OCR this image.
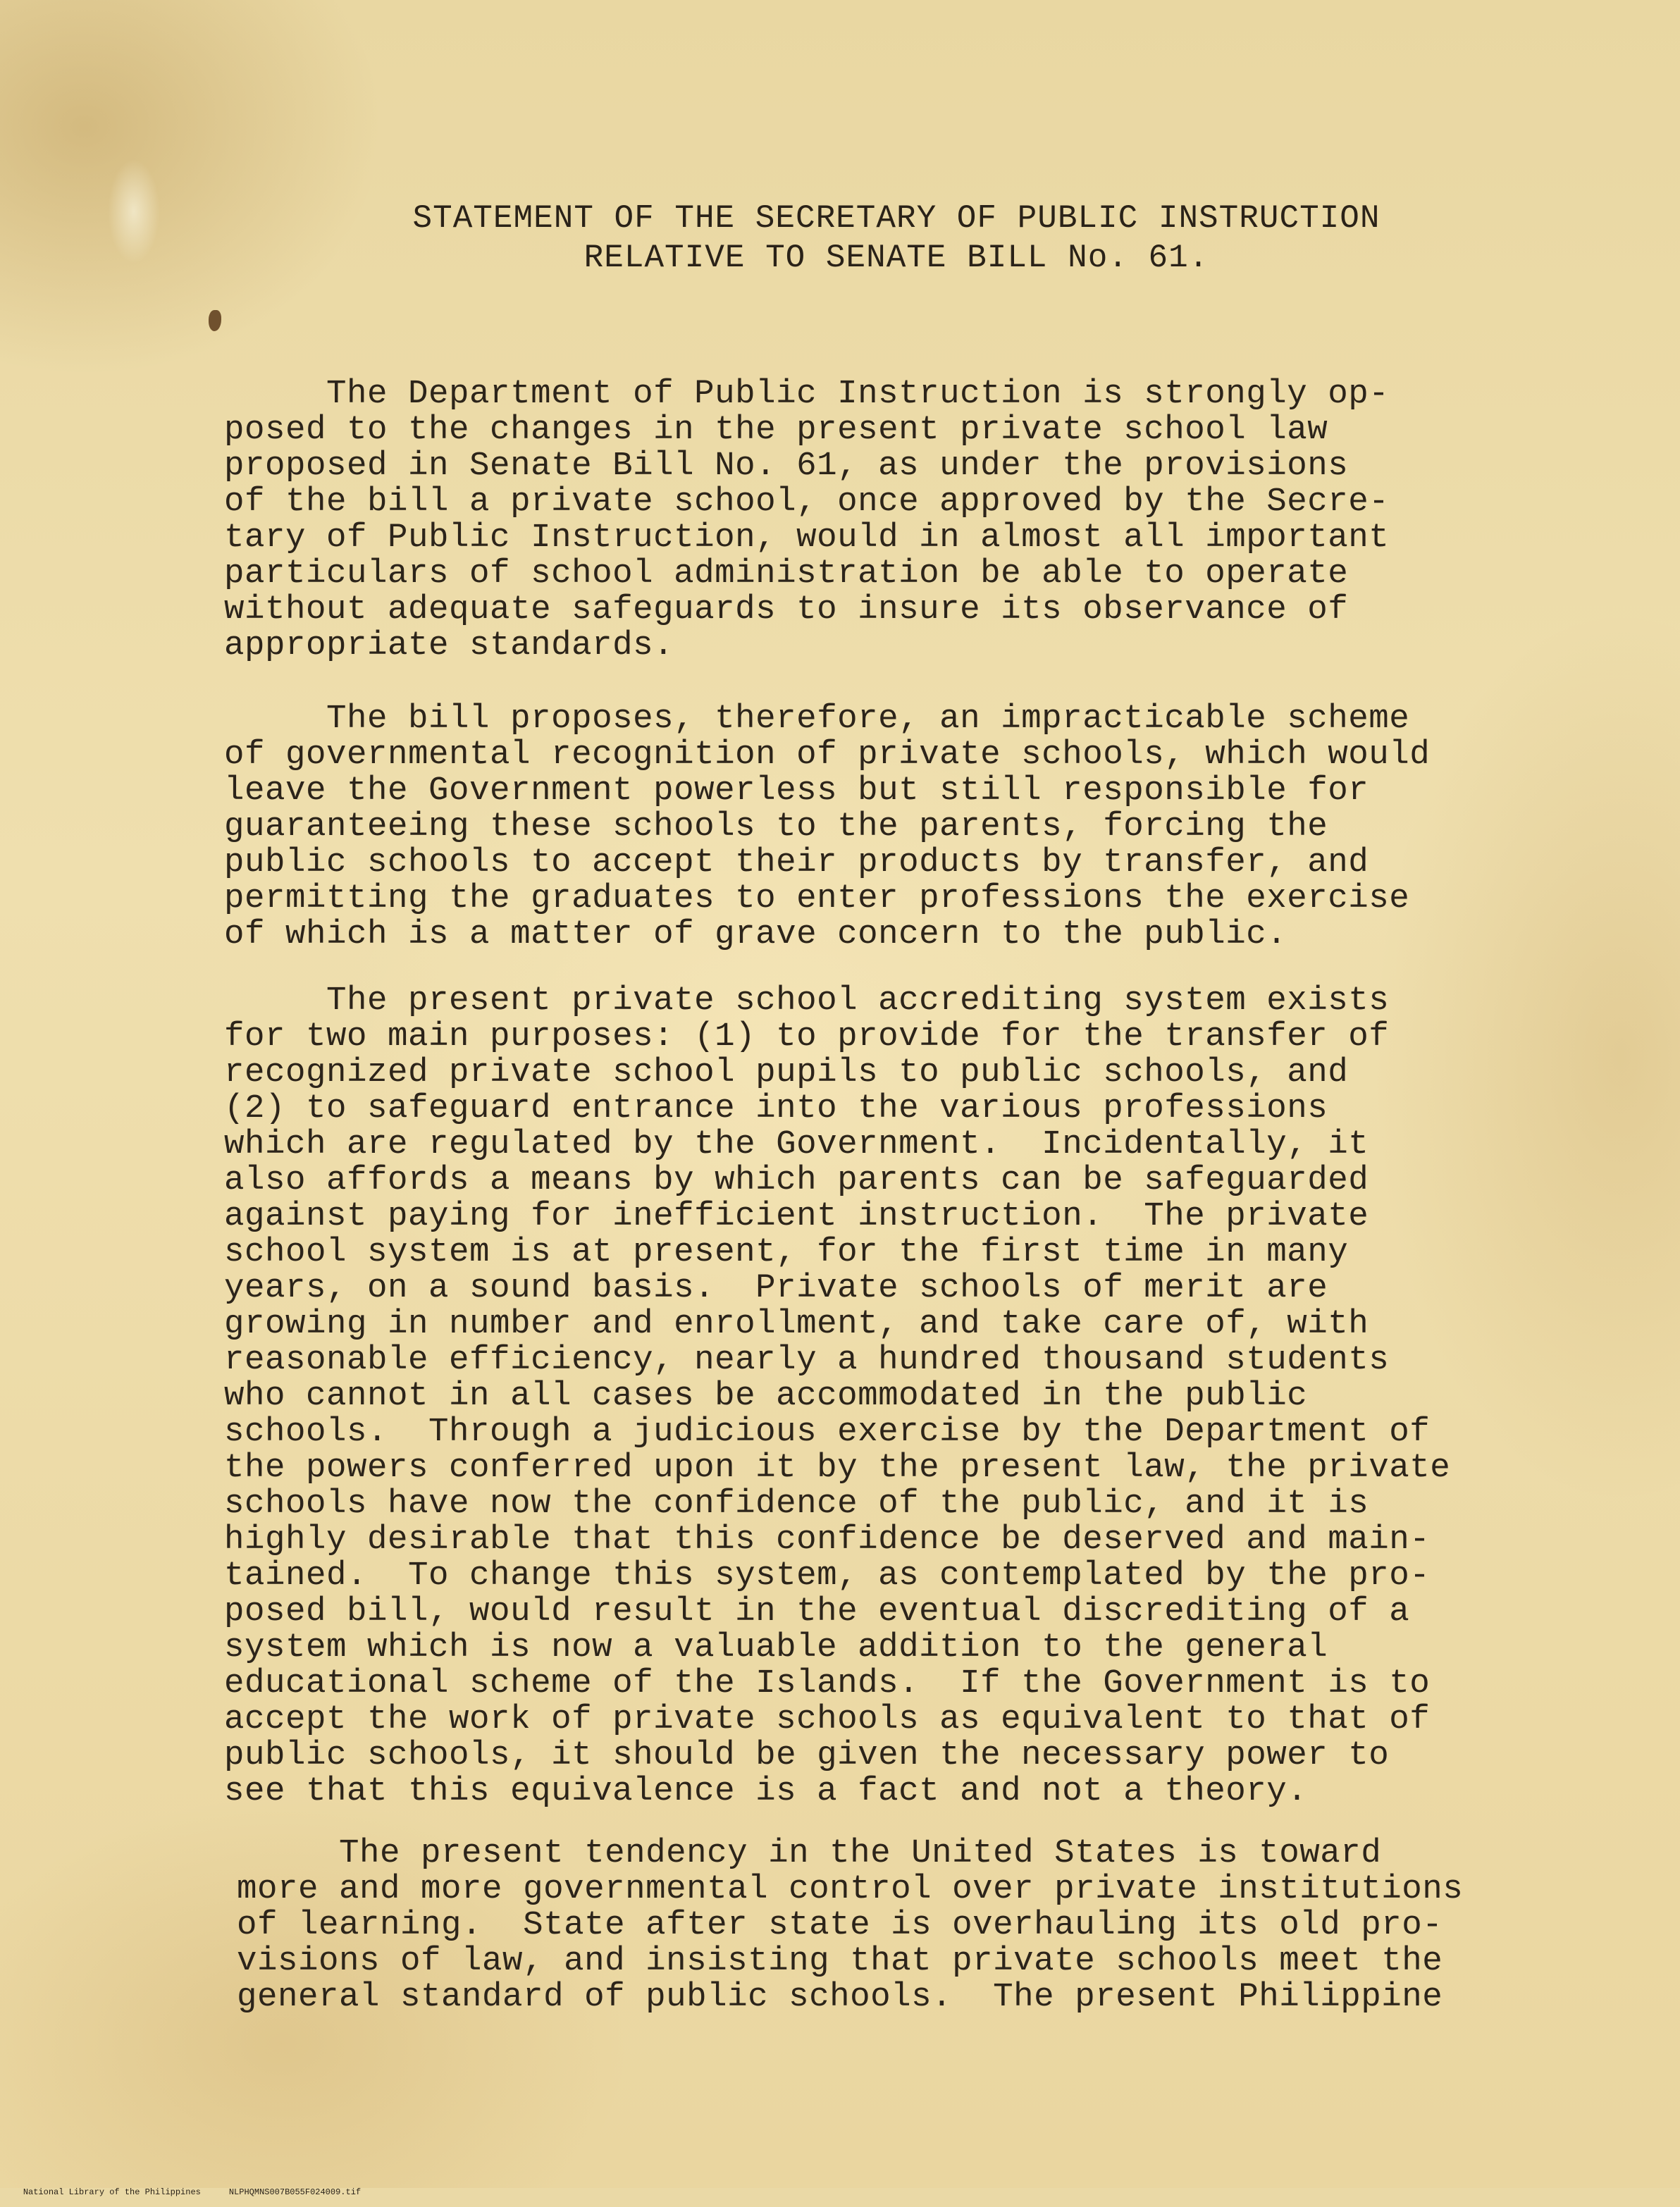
STATEMENT OF THE SECRETARY OF PUBLIC INSTRUCTION
RELATIVE TO SENATE BILL No. 61.
The Department of Public Instruction is strongly op-
posed to the changes in the present private school law
proposed in Senate Bill No. 61, as under the provisions
of the bill a private school, once approved by the Secre-
tary of Public Instruction, would in almost all important
particulars of school administration be able to operate
without adequate safeguards to insure its observance of
appropriate standards.
The bill proposes, therefore, an impracticable scheme
of governmental recognition of private schools, which would
leave the Government powerless but still responsible for
guaranteeing these schools to the parents, forcing the
public schools to accept their products by transfer, and
permitting the graduates to enter professions the exercise
of which is a matter of grave concern to the public.
The present private school accrediting system exists
for two main purposes: (1) to provide for the transfer of
recognized private school pupils to public schools, and
(2) to safeguard entrance into the various professions
which are regulated by the Government.  Incidentally, it
also affords a means by which parents can be safeguarded
against paying for inefficient instruction.  The private
school system is at present, for the first time in many
years, on a sound basis.  Private schools of merit are
growing in number and enrollment, and take care of, with
reasonable efficiency, nearly a hundred thousand students
who cannot in all cases be accommodated in the public
schools.  Through a judicious exercise by the Department of
the powers conferred upon it by the present law, the private
schools have now the confidence of the public, and it is
highly desirable that this confidence be deserved and main-
tained.  To change this system, as contemplated by the pro-
posed bill, would result in the eventual discrediting of a
system which is now a valuable addition to the general
educational scheme of the Islands.  If the Government is to
accept the work of private schools as equivalent to that of
public schools, it should be given the necessary power to
see that this equivalence is a fact and not a theory.
The present tendency in the United States is toward
more and more governmental control over private institutions
of learning.  State after state is overhauling its old pro-
visions of law, and insisting that private schools meet the
general standard of public schools.  The present Philippine

National Library of the Philippines	NLPHQMNS007B055F024009.tif
